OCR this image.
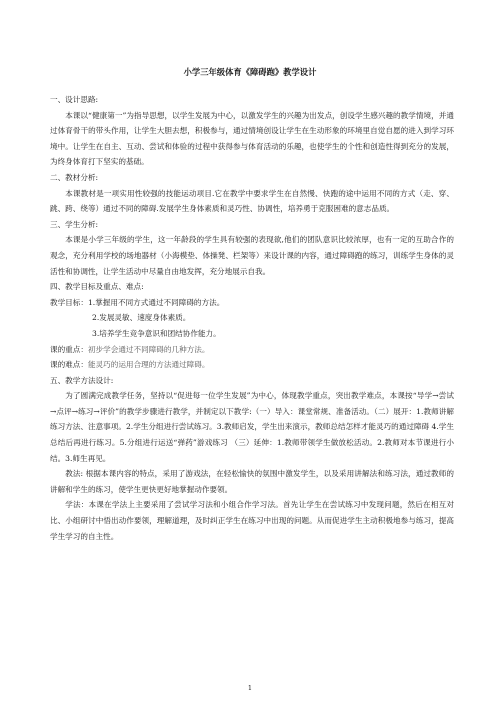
小学三年级体育《障碍跑》教学设计

一、设计思路:

本课以“健康第一”为指导思想，以学生发展为中心，以激发学生的兴趣为出发点，创设学生感兴趣的教学情境，并通过体育骨干的带头作用，让学生大胆去想，积极参与，通过情境创设让学生在生动形象的环境里自觉自愿的进入到学习环境中。让学生在自主、互动、尝试和体验的过程中获得参与体育活动的乐趣，也使学生的个性和创造性得到充分的发展，为终身体育打下坚实的基础。

二、教材分析:

本课教材是一项实用性较强的技能运动项目.它在教学中要求学生在自然慢、快跑的途中运用不同的方式（走、穿、跳、跨、绕等）通过不同的障碍.发展学生身体素质和灵巧性、协调性，培养勇于克服困难的意志品质。

三、学生分析:

本课是小学三年级的学生，这一年龄段的学生具有较强的表现欲,他们的团队意识比较浓厚，也有一定的互助合作的观念，充分利用学校的场地器材（小海模垫、体操凳、栏架等）来设计课的内容，通过障碍跑的练习，训练学生身体的灵活性和协调性，让学生活动中尽量自由地发挥，充分地展示自我。

四、教学目标及重点、难点:

教学目标：1.掌握用不同方式通过不同障碍的方法。

2.发展灵敏、速度身体素质。

3.培养学生竞争意识和团结协作能力。

课的重点：初步学会通过不同障碍的几种方法。

课的难点：能灵巧的运用合理的方法通过障碍。

五、教学方法设计:

为了圆满完成教学任务，坚持以“促进每一位学生发展”为中心，体现教学重点，突出教学难点，本课按“导学→尝试→点评→练习→评价”的教学步骤进行教学，并制定以下教学:（一）导入：课堂常规、准备活动。（二）展开：1.教师讲解练习方法、注意事项。2.学生分组进行尝试练习。3.教师启发，学生出来演示，教师总结怎样才能灵巧的通过障碍 4.学生总结后再进行练习。5.分组进行运送“弹药”游戏练习 （三）延伸：1.教师带领学生做放松活动。2.教师对本节课进行小结。3.师生再见。

教法: 根据本课内容的特点，采用了游戏法，在轻松愉快的氛围中激发学生，以及采用讲解法和练习法，通过教师的讲解和学生的练习，使学生更快更好地掌握动作要领。

学法：本课在学法上主要采用了尝试学习法和小组合作学习法。首先让学生在尝试练习中发现问题，然后在相互对比、小组研讨中悟出动作要领，理解道理，及时纠正学生在练习中出现的问题。从而促进学生主动积极地参与练习，提高学生学习的自主性。

1
